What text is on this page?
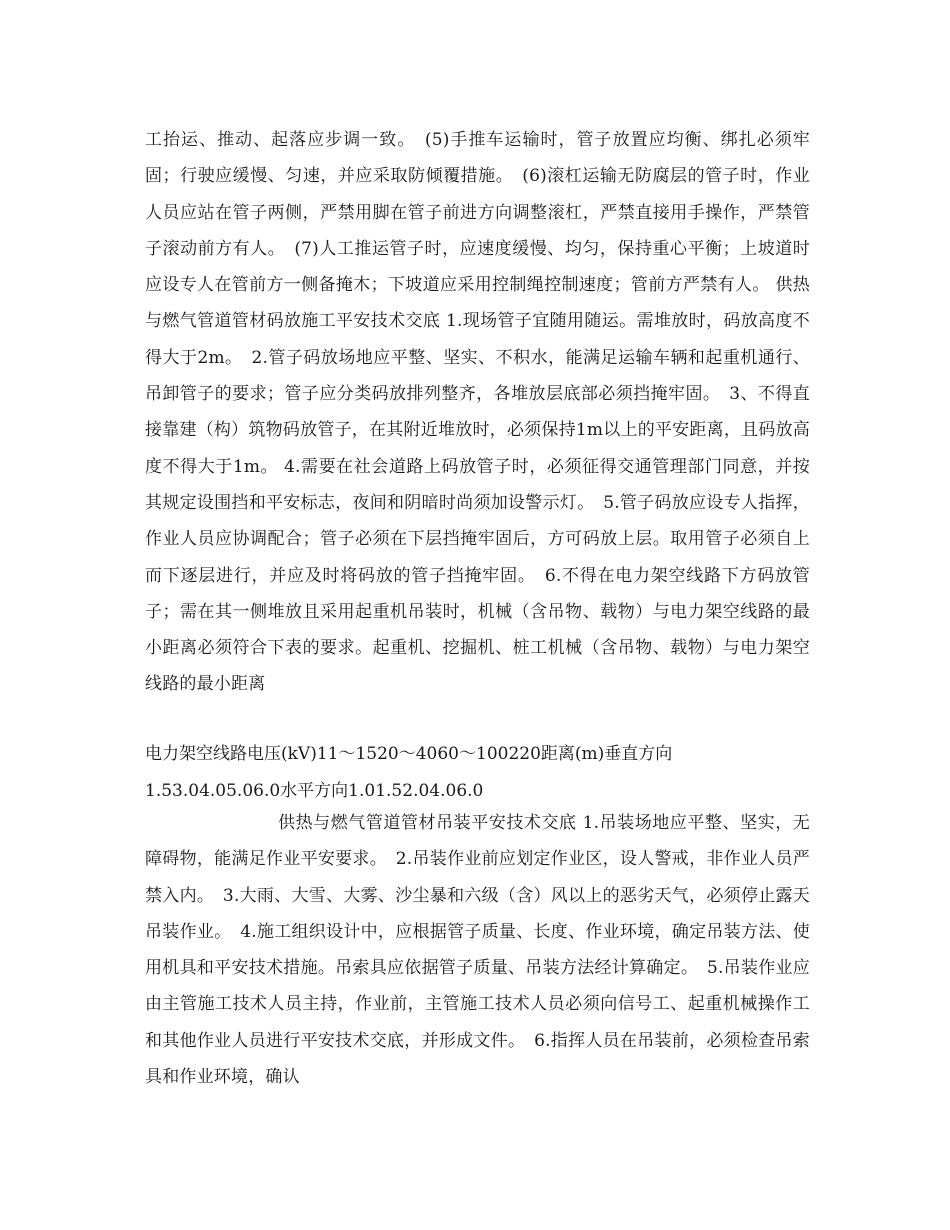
工抬运、推动、起落应步调一致。　(5)手推车运输时，管子放置应均衡、绑扎必须牢固；行驶应缓慢、匀速，并应采取防倾覆措施。　(6)滚杠运输无防腐层的管子时，作业人员应站在管子两侧，严禁用脚在管子前进方向调整滚杠，严禁直接用手操作，严禁管子滚动前方有人。　(7)人工推运管子时，应速度缓慢、均匀，保持重心平衡；上坡道时应设专人在管前方一侧备掩木；下坡道应采用控制绳控制速度；管前方严禁有人。 供热与燃气管道管材码放施工平安技术交底 1.现场管子宜随用随运。需堆放时，码放高度不得大于2m。　2.管子码放场地应平整、坚实、不积水，能满足运输车辆和起重机通行、吊卸管子的要求；管子应分类码放排列整齐，各堆放层底部必须挡掩牢固。　3、不得直接靠建（构）筑物码放管子，在其附近堆放时，必须保持1m以上的平安距离，且码放高度不得大于1m。 4.需要在社会道路上码放管子时，必须征得交通管理部门同意，并按其规定设围挡和平安标志，夜间和阴暗时尚须加设警示灯。　5.管子码放应设专人指挥，作业人员应协调配合；管子必须在下层挡掩牢固后，方可码放上层。取用管子必须自上而下逐层进行，并应及时将码放的管子挡掩牢固。　6.不得在电力架空线路下方码放管子；需在其一侧堆放且采用起重机吊装时，机械（含吊物、载物）与电力架空线路的最小距离必须符合下表的要求。起重机、挖掘机、桩工机械（含吊物、载物）与电力架空线路的最小距离
电力架空线路电压(kV)11～1520～4060～100220距离(m)垂直方向
1.53.04.05.06.0水平方向1.01.52.04.06.0
供热与燃气管道管材吊装平安技术交底 1.吊装场地应平整、坚实，无障碍物，能满足作业平安要求。　2.吊装作业前应划定作业区，设人警戒，非作业人员严禁入内。　3.大雨、大雪、大雾、沙尘暴和六级（含）风以上的恶劣天气，必须停止露天吊装作业。　4.施工组织设计中，应根据管子质量、长度、作业环境，确定吊装方法、使用机具和平安技术措施。吊索具应依据管子质量、吊装方法经计算确定。　5.吊装作业应由主管施工技术人员主持，作业前，主管施工技术人员必须向信号工、起重机械操作工和其他作业人员进行平安技术交底，并形成文件。　6.指挥人员在吊装前，必须检查吊索具和作业环境，确认
